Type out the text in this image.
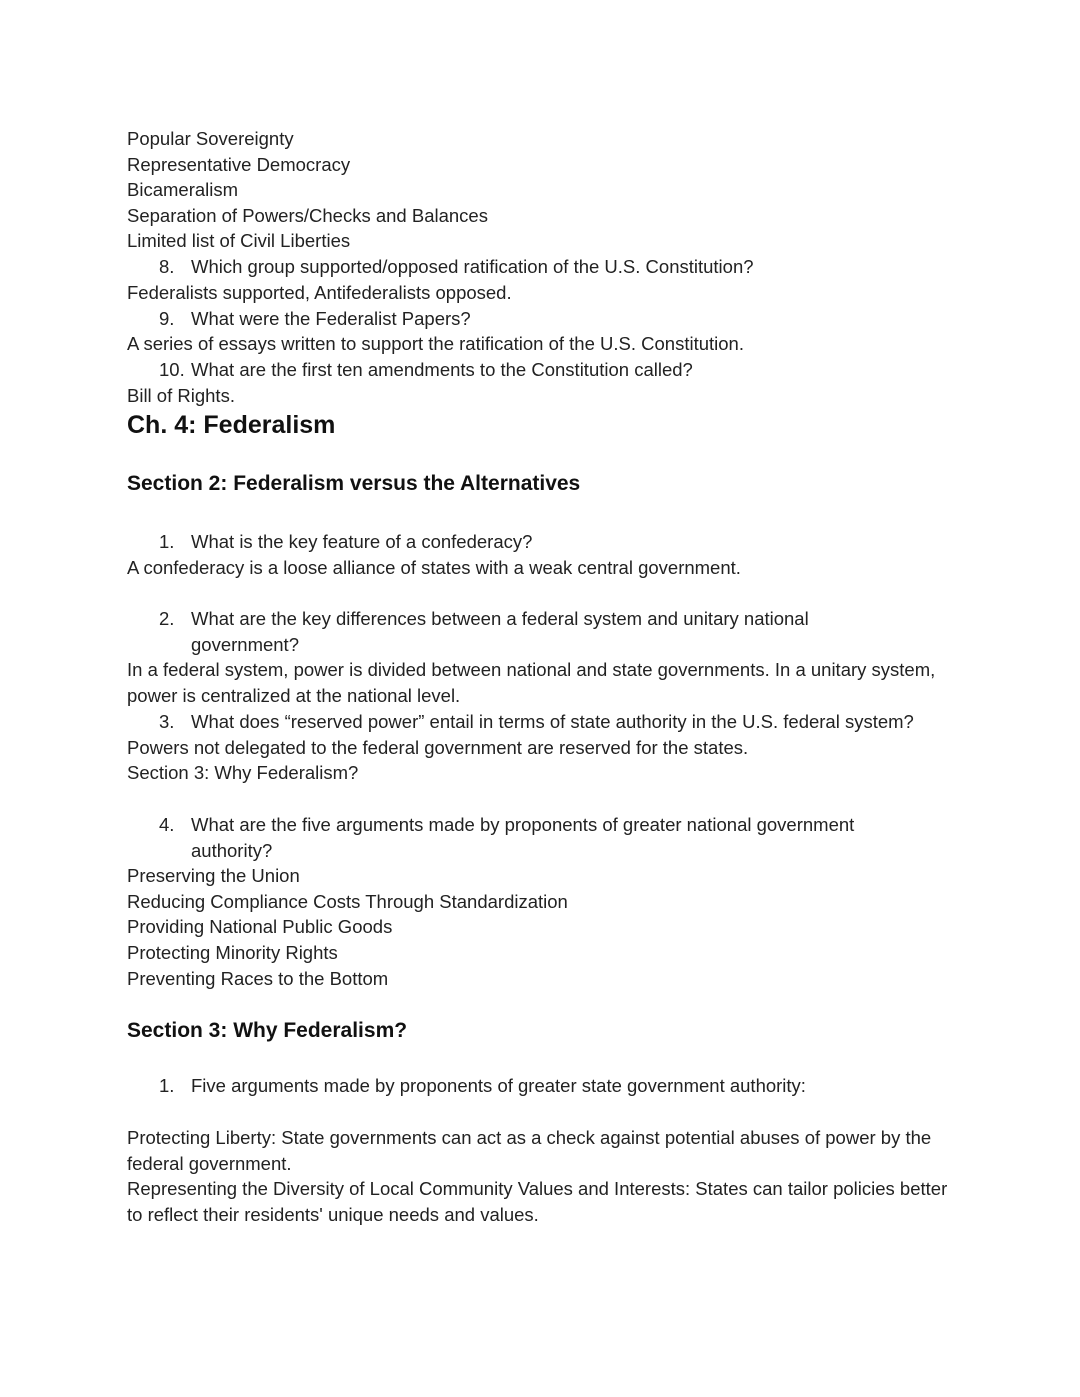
Popular Sovereignty
Representative Democracy
Bicameralism
Separation of Powers/Checks and Balances
Limited list of Civil Liberties
8. Which group supported/opposed ratification of the U.S. Constitution?
Federalists supported, Antifederalists opposed.
9. What were the Federalist Papers?
A series of essays written to support the ratification of the U.S. Constitution.
10. What are the first ten amendments to the Constitution called?
Bill of Rights.
Ch. 4: Federalism
Section 2: Federalism versus the Alternatives
1. What is the key feature of a confederacy?
A confederacy is a loose alliance of states with a weak central government.
2. What are the key differences between a federal system and unitary national government?
In a federal system, power is divided between national and state governments. In a unitary system, power is centralized at the national level.
3. What does “reserved power” entail in terms of state authority in the U.S. federal system?
Powers not delegated to the federal government are reserved for the states.
Section 3: Why Federalism?
4. What are the five arguments made by proponents of greater national government authority?
Preserving the Union
Reducing Compliance Costs Through Standardization
Providing National Public Goods
Protecting Minority Rights
Preventing Races to the Bottom
Section 3: Why Federalism?
1. Five arguments made by proponents of greater state government authority:
Protecting Liberty: State governments can act as a check against potential abuses of power by the federal government.
Representing the Diversity of Local Community Values and Interests: States can tailor policies better to reflect their residents' unique needs and values.
